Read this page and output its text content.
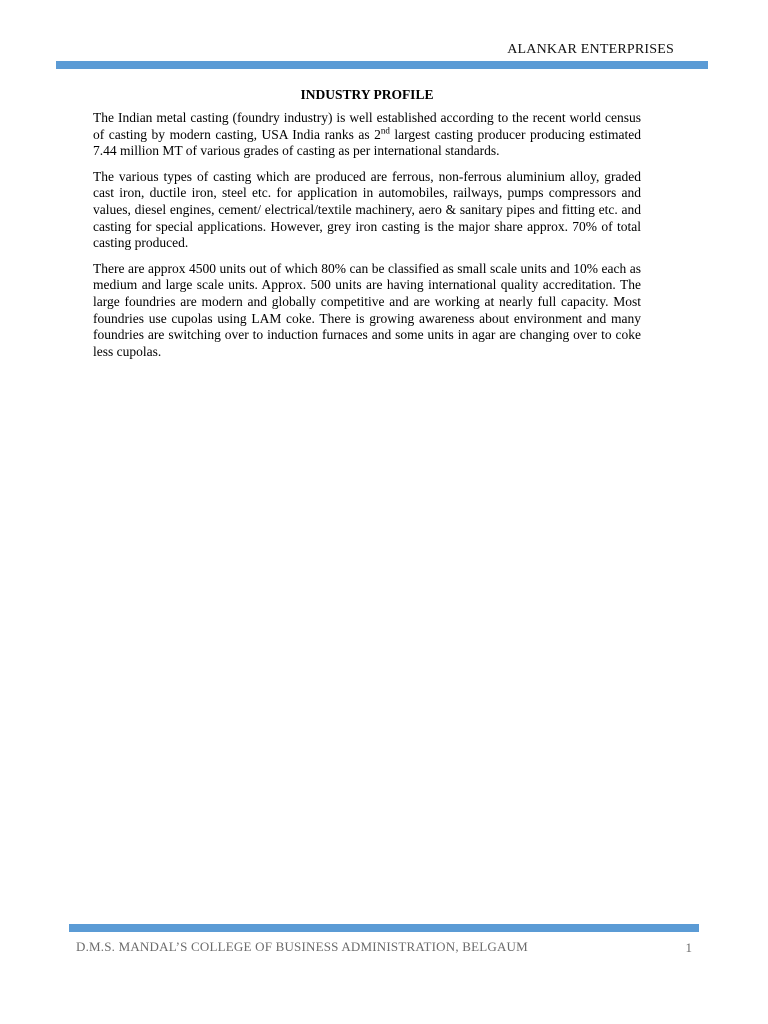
ALANKAR ENTERPRISES
INDUSTRY PROFILE

The Indian metal casting (foundry industry) is well established according to the recent world census of casting by modern casting, USA India ranks as 2nd largest casting producer producing estimated 7.44 million MT of various grades of casting as per international standards.

The various types of casting which are produced are ferrous, non-ferrous aluminium alloy, graded cast iron, ductile iron, steel etc. for application in automobiles, railways, pumps compressors and values, diesel engines, cement/ electrical/textile machinery, aero & sanitary pipes and fitting etc. and casting for special applications. However, grey iron casting is the major share approx. 70% of total casting produced.

There are approx 4500 units out of which 80% can be classified as small scale units and 10% each as medium and large scale units. Approx. 500 units are having international quality accreditation. The large foundries are modern and globally competitive and are working at nearly full capacity. Most foundries use cupolas using LAM coke. There is growing awareness about environment and many foundries are switching over to induction furnaces and some units in agar are changing over to coke less cupolas.

D.M.S. MANDAL’S COLLEGE OF BUSINESS ADMINISTRATION, BELGAUM	1
